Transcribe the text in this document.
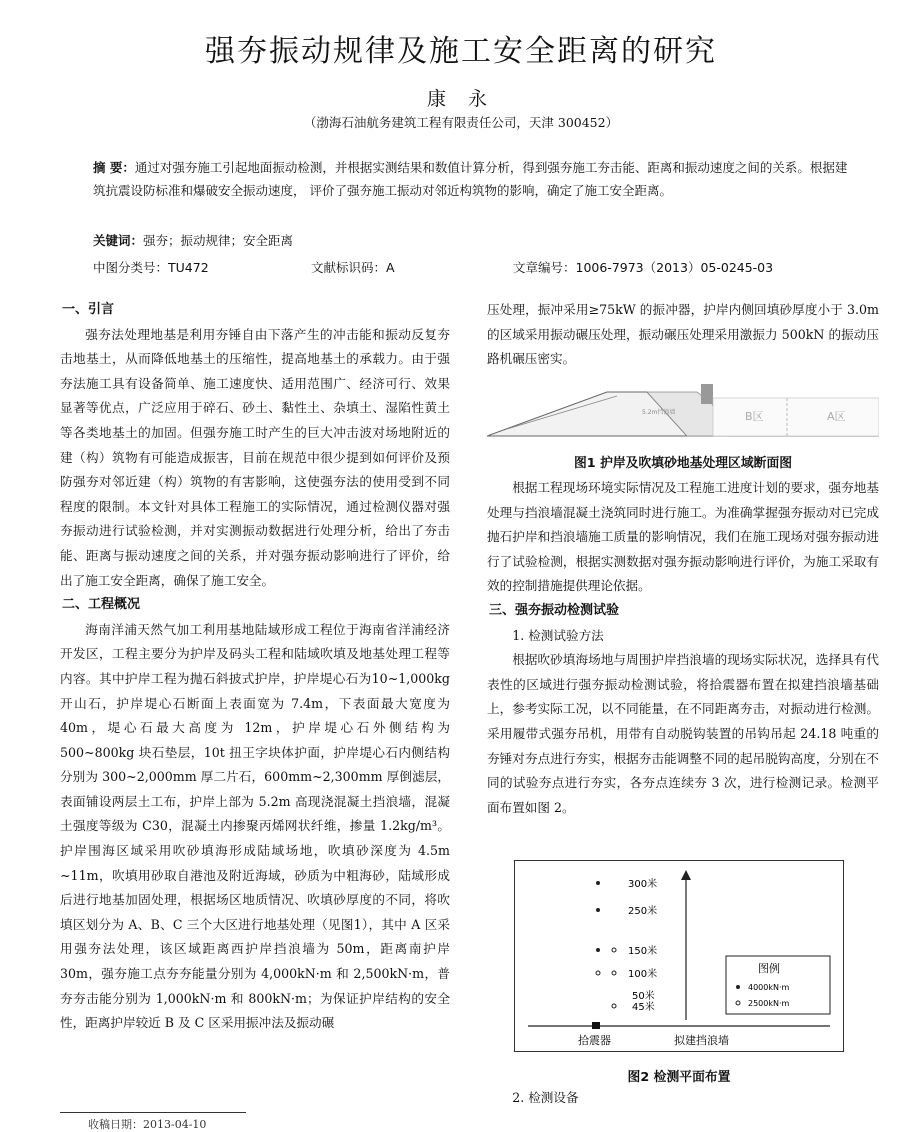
强夯振动规律及施工安全距离的研究
康 永
（渤海石油航务建筑工程有限责任公司，天津 300452）
摘 要：通过对强夯施工引起地面振动检测，并根据实测结果和数值计算分析，得到强夯施工夯击能、距离和振动速度之间的关系。根据建筑抗震设防标准和爆破安全振动速度， 评价了强夯施工振动对邻近构筑物的影响，确定了施工安全距离。
关键词：强夯；振动规律；安全距离
中图分类号：TU472	文献标识码：A	文章编号：1006-7973（2013）05-0245-03
一、引言

强夯法处理地基是利用夯锤自由下落产生的冲击能和振动反复夯击地基土，从而降低地基土的压缩性，提高地基土的承载力。由于强夯法施工具有设备简单、施工速度快、适用范围广、经济可行、效果显著等优点，广泛应用于碎石、砂土、黏性土、杂填土、湿陷性黄土等各类地基土的加固。但强夯施工时产生的巨大冲击波对场地附近的建（构）筑物有可能造成振害，目前在规范中很少提到如何评价及预防强夯对邻近建（构）筑物的有害影响，这使强夯法的使用受到不同程度的限制。本文针对具体工程施工的实际情况，通过检测仪器对强夯振动进行试验检测，并对实测振动数据进行处理分析，给出了夯击能、距离与振动速度之间的关系，并对强夯振动影响进行了评价，给出了施工安全距离，确保了施工安全。

二、工程概况

海南洋浦天然气加工利用基地陆域形成工程位于海南省洋浦经济开发区，工程主要分为护岸及码头工程和陆域吹填及地基处理工程等内容。其中护岸工程为抛石斜披式护岸，护岸堤心石为10~1,000kg 开山石，护岸堤心石断面上表面宽为 7.4m，下表面最大宽度为 40m，堤心石最大高度为 12m，护岸堤心石外侧结构为 500~800kg 块石垫层，10t 扭王字块体护面，护岸堤心石内侧结构分别为 300~2,000mm 厚二片石，600mm~2,300mm 厚倒滤层，表面铺设两层土工布，护岸上部为 5.2m 高现浇混凝土挡浪墙，混凝土强度等级为 C30，混凝土内掺聚丙烯网状纤维，掺量 1.2kg/m³。护岸围海区域采用吹砂填海形成陆域场地，吹填砂深度为 4.5m ~11m，吹填用砂取自港池及附近海域，砂质为中粗海砂，陆域形成后进行地基加固处理，根据场区地质情况、吹填砂厚度的不同，将吹填区划分为 A、B、C 三个大区进行地基处理（见图1），其中 A 区采用强夯法处理，该区域距离西护岸挡浪墙为 50m，距离南护岸 30m，强夯施工点夯夯能量分别为 4,000kN·m 和 2,500kN·m，普夯夯击能分别为 1,000kN·m 和 800kN·m；为保证护岸结构的安全性，距离护岸较近 B 及 C 区采用振冲法及振动碾

压处理，振冲采用≥75kW 的振冲器，护岸内侧回填砂厚度小于 3.0m 的区域采用振动碾压处理，振动碾压处理采用激振力 500kN 的振动压路机碾压密实。

5.2m挡浪墙	B区	A区
图1 护岸及吹填砂地基处理区域断面图

根据工程现场环境实际情况及工程施工进度计划的要求，强夯地基处理与挡浪墙混凝土浇筑同时进行施工。为准确掌握强夯振动对已完成抛石护岸和挡浪墙施工质量的影响情况，我们在施工现场对强夯振动进行了试验检测，根据实测数据对强夯振动影响进行评价，为施工采取有效的控制措施提供理论依据。

三、强夯振动检测试验
1. 检测试验方法

根据吹砂填海场地与周围护岸挡浪墙的现场实际状况，选择具有代表性的区域进行强夯振动检测试验，将拾震器布置在拟建挡浪墙基础上，参考实际工况，以不同能量，在不同距离夯击，对振动进行检测。采用履带式强夯吊机，用带有自动脱钩装置的吊钩吊起 24.18 吨重的夯锤对夯点进行夯实，根据夯击能调整不同的起吊脱钩高度，分别在不同的试验夯点进行夯实，各夯点连续夯 3 次，进行检测记录。检测平面布置如图 2。

300米
250米
150米
100米
50米
45米
图例
4000kN·m
2500kN·m
拾震器	拟建挡浪墙
图2 检测平面布置
2. 检测设备
收稿日期：2013-04-10
